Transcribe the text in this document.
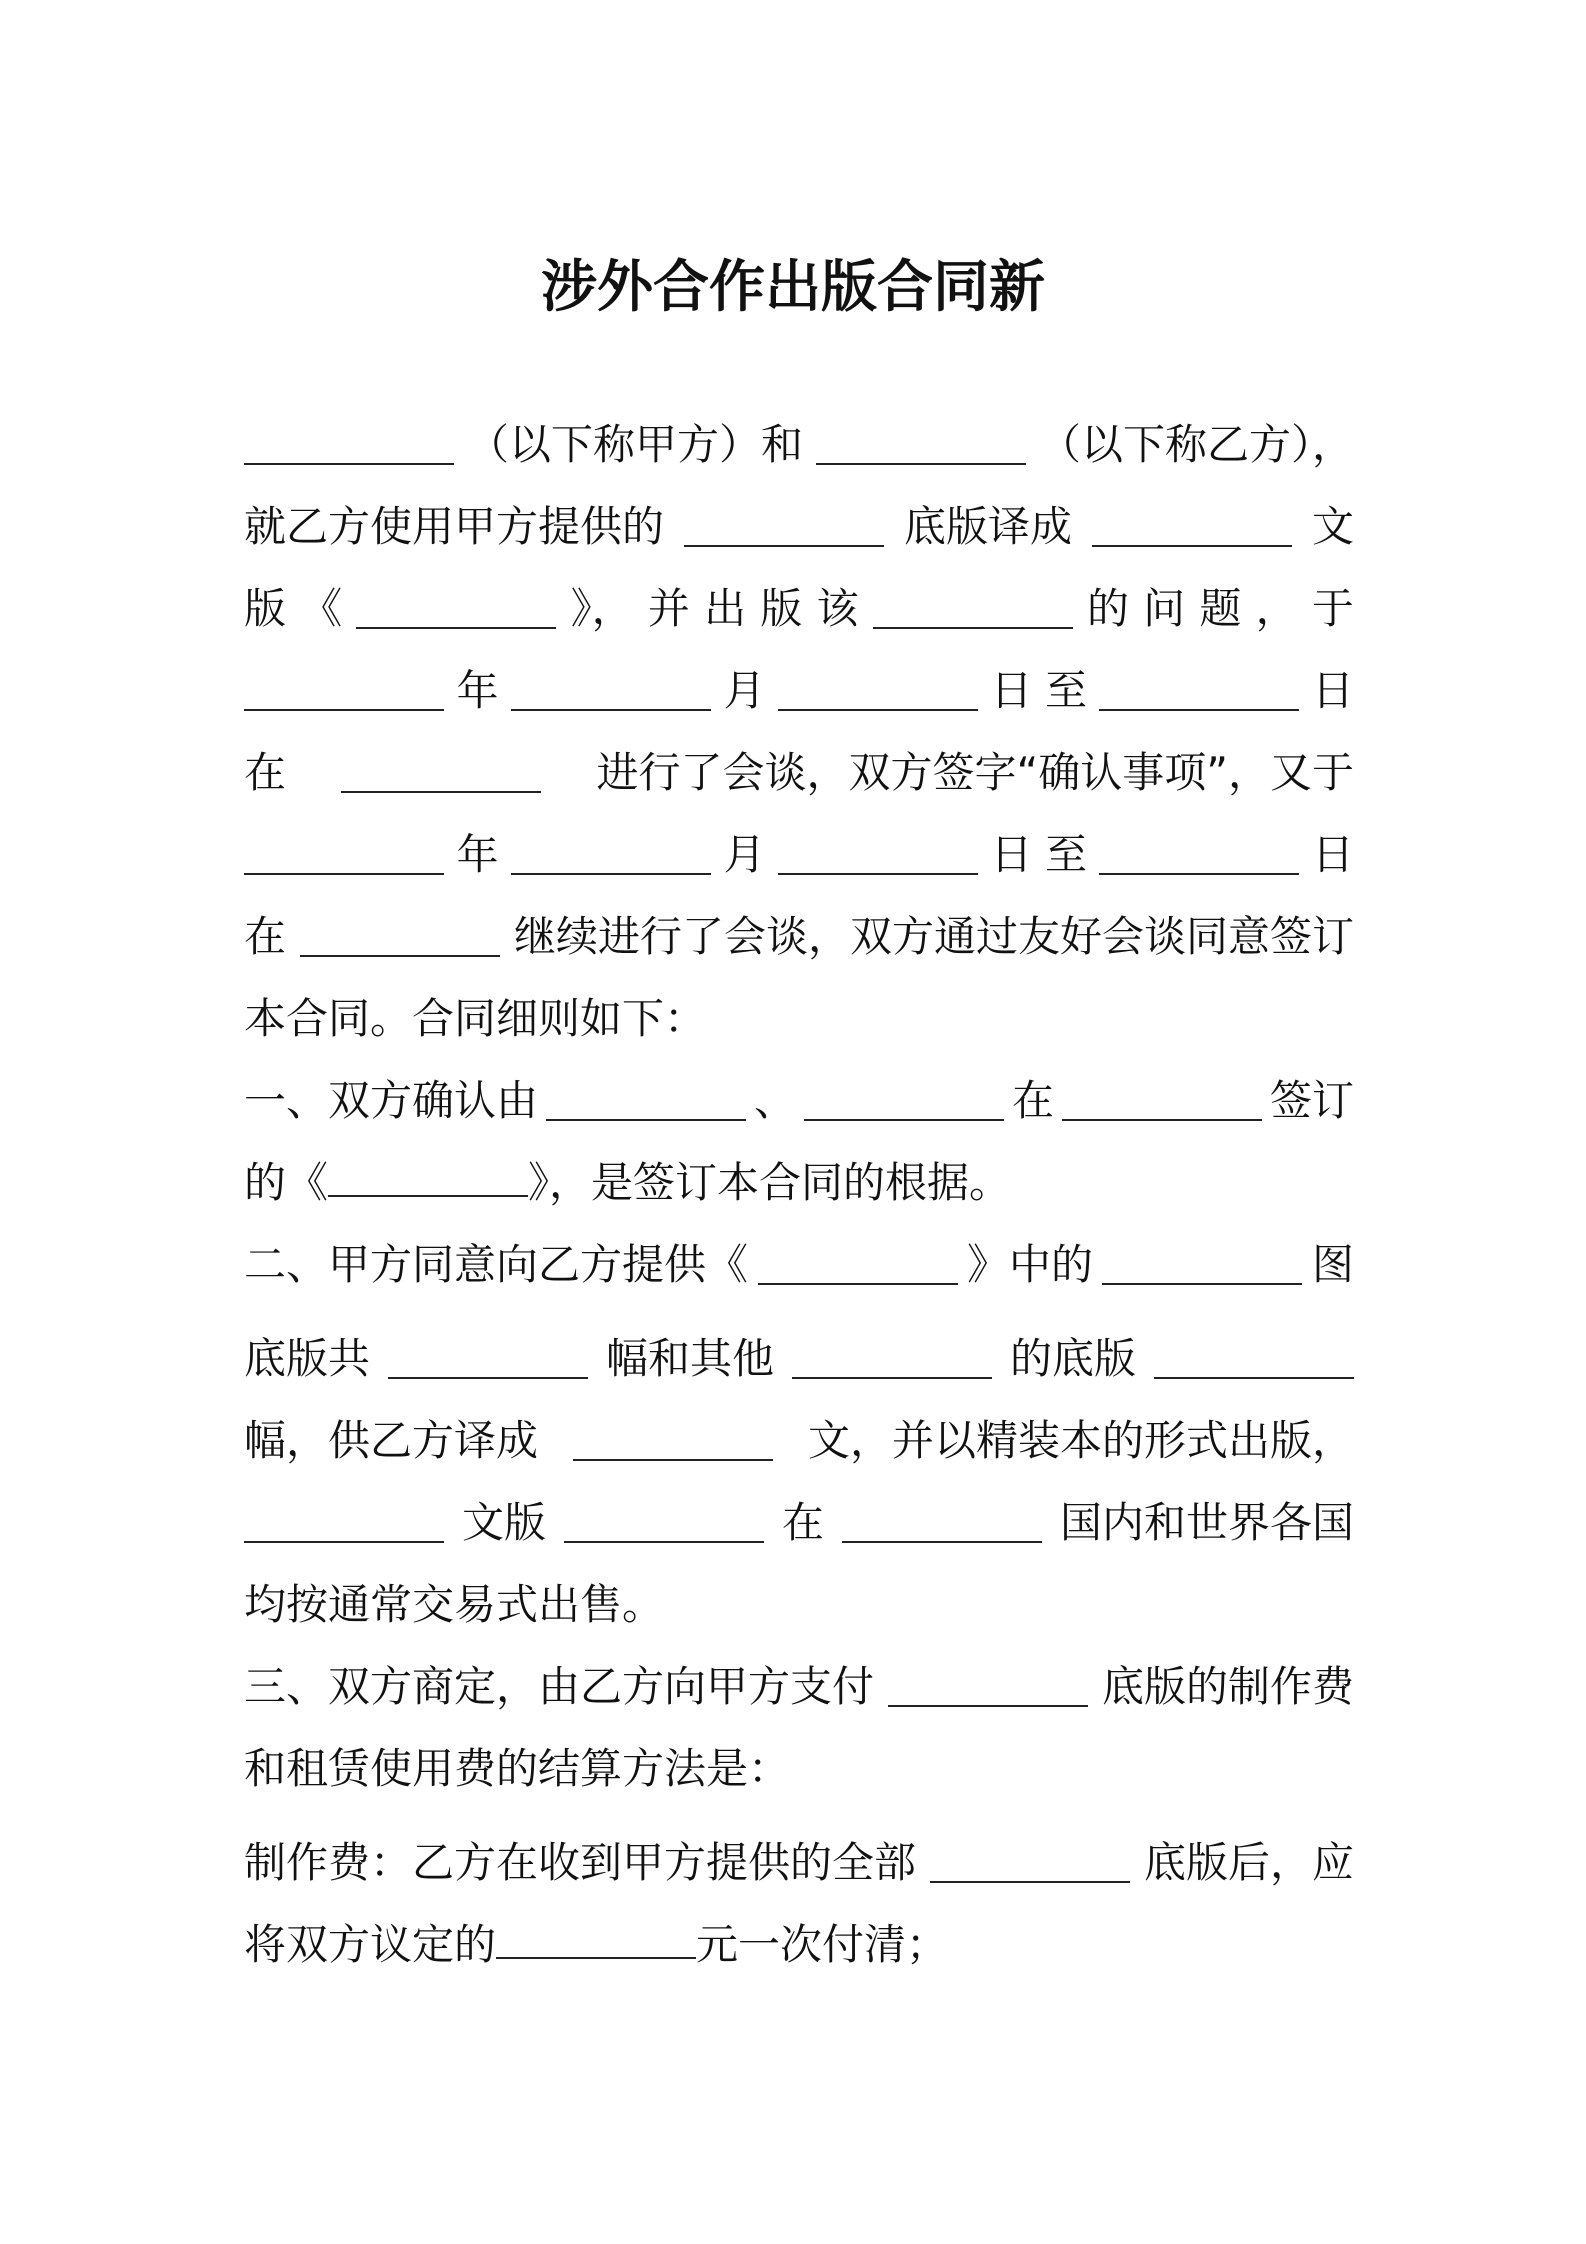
涉外合作出版合同新
（以下称甲方）和	（以下称乙方），
就乙方使用甲方提供的	底版译成	文
版 《	》， 并 出 版 该	的 问 题 ， 于
年	月	日 至	日
在	进行了会谈，双方签字“确认事项”，又于
年	月	日 至	日
在	继续进行了会谈，双方通过友好会谈同意签订
本合同。合同细则如下：
一、双方确认由	、	在	签订
的《	》，是签订本合同的根据。
二、甲方同意向乙方提供《	》中的	图
底版共	幅和其他	的底版
幅，供乙方译成	文，并以精装本的形式出版，
文版	在	国内和世界各国
均按通常交易式出售。
三、双方商定，由乙方向甲方支付	底版的制作费
和租赁使用费的结算方法是：
制作费：乙方在收到甲方提供的全部	底版后，应
将双方议定的	元一次付清；
